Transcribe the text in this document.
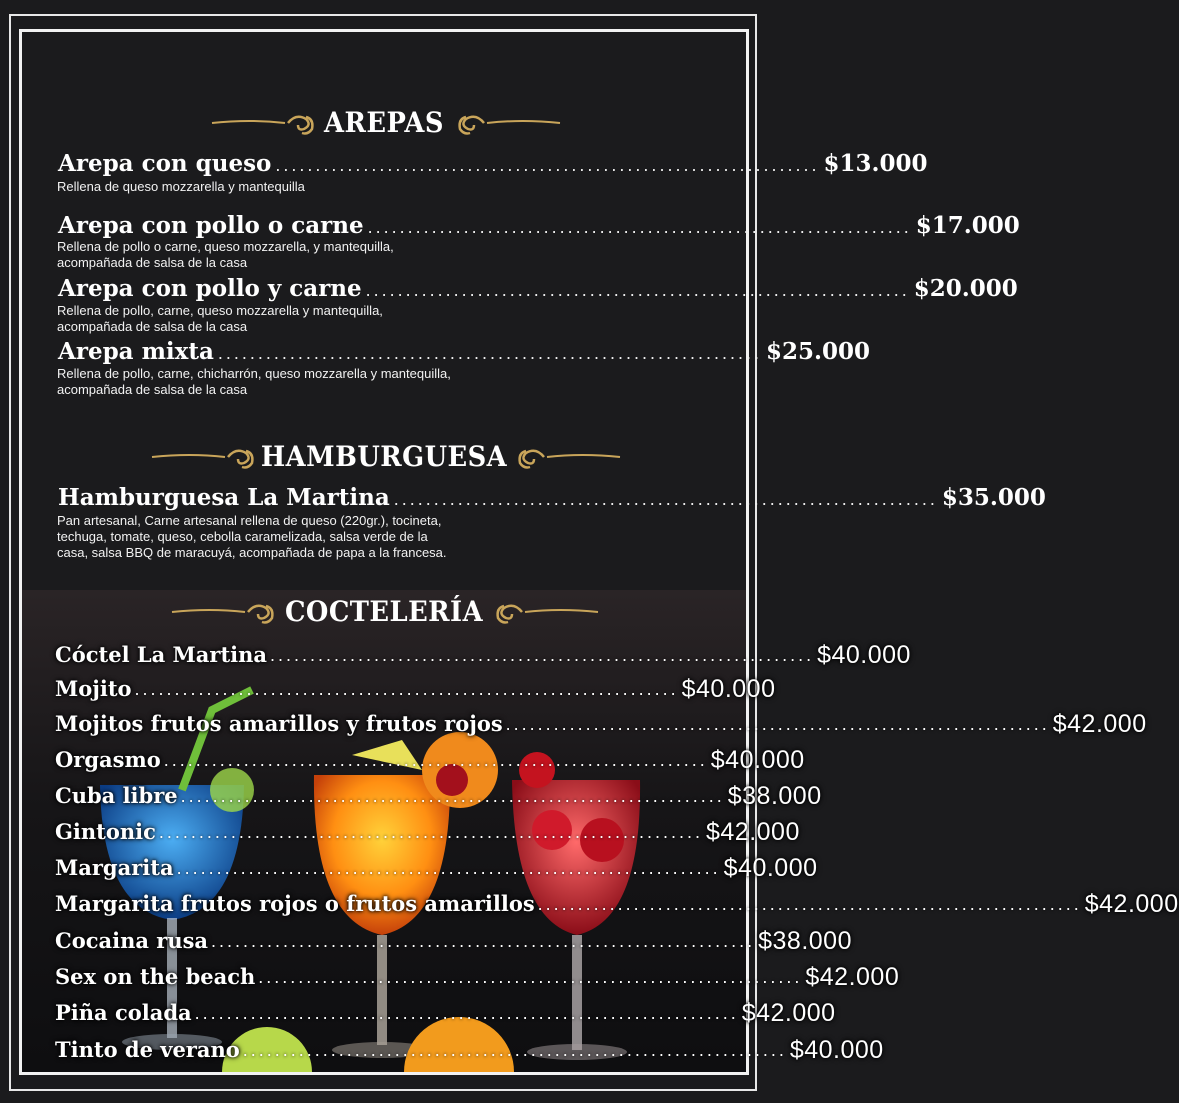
AREPAS
Arepa con queso .................................................................... $13.000
Rellena de queso mozzarella y mantequilla
Arepa con pollo o carne .................................................................... $17.000
Rellena de pollo o carne, queso mozzarella, y mantequilla,
acompañada de salsa de la casa
Arepa con pollo y carne .................................................................... $20.000
Rellena de pollo, carne, queso mozzarella y mantequilla,
acompañada de salsa de la casa
Arepa mixta .................................................................... $25.000
Rellena de pollo, carne, chicharrón, queso mozzarella y mantequilla,
acompañada de salsa de la casa
HAMBURGUESA
Hamburguesa La Martina .................................................................... $35.000
Pan artesanal, Carne artesanal rellena de queso (220gr.), tocineta,
techuga, tomate, queso, cebolla caramelizada, salsa verde de la
casa, salsa BBQ de maracuyá, acompañada de papa a la francesa.
COCTELERÍA
Cóctel La Martina .................................................................... $40.000
Mojito .................................................................... $40.000
Mojitos frutos amarillos y frutos rojos .................................................................... $42.000
Orgasmo .................................................................... $40.000
Cuba libre .................................................................... $38.000
Gintonic .................................................................... $42.000
Margarita .................................................................... $40.000
Margarita frutos rojos o frutos amarillos .................................................................... $42.000
Cocaina rusa .................................................................... $38.000
Sex on the beach .................................................................... $42.000
Piña colada .................................................................... $42.000
Tinto de verano .................................................................... $40.000
